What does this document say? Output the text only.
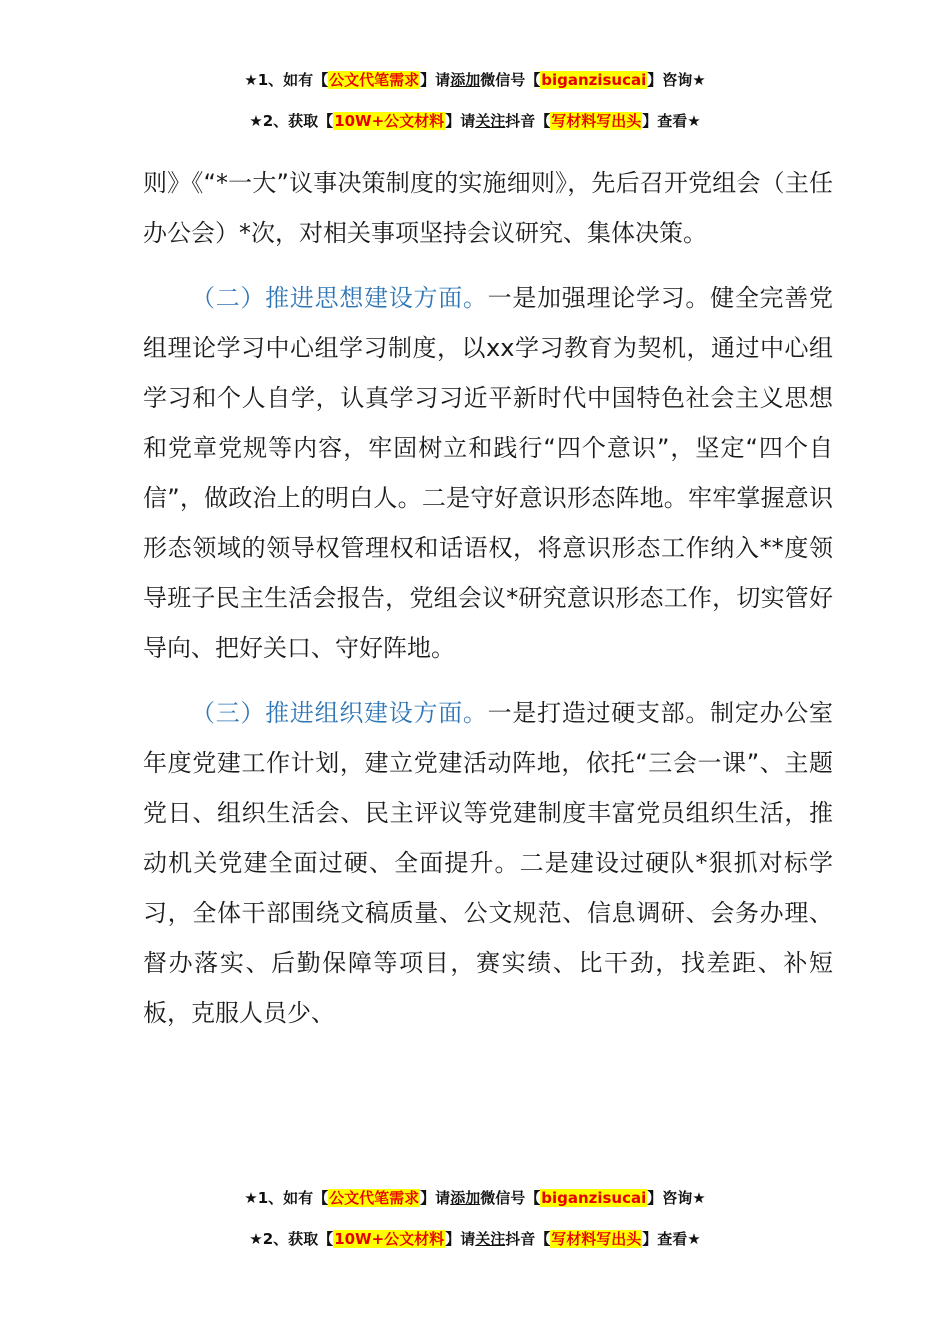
★1、如有【公文代笔需求】请添加微信号【biganzisucai】咨询★
★2、获取【10W+公文材料】请关注抖音【写材料写出头】查看★

则》《“*一大”议事决策制度的实施细则》，先后召开党组会（主任办公会）*次，对相关事项坚持会议研究、集体决策。

（二）推进思想建设方面。一是加强理论学习。健全完善党组理论学习中心组学习制度，以xx学习教育为契机，通过中心组学习和个人自学，认真学习习近平新时代中国特色社会主义思想和党章党规等内容，牢固树立和践行“四个意识”，坚定“四个自信”，做政治上的明白人。二是守好意识形态阵地。牢牢掌握意识形态领域的领导权管理权和话语权，将意识形态工作纳入**度领导班子民主生活会报告，党组会议*研究意识形态工作，切实管好导向、把好关口、守好阵地。

（三）推进组织建设方面。一是打造过硬支部。制定办公室年度党建工作计划，建立党建活动阵地，依托“三会一课”、主题党日、组织生活会、民主评议等党建制度丰富党员组织生活，推动机关党建全面过硬、全面提升。二是建设过硬队*狠抓对标学习，全体干部围绕文稿质量、公文规范、信息调研、会务办理、督办落实、后勤保障等项目，赛实绩、比干劲，找差距、补短板，克服人员少、

★1、如有【公文代笔需求】请添加微信号【biganzisucai】咨询★
★2、获取【10W+公文材料】请关注抖音【写材料写出头】查看★
